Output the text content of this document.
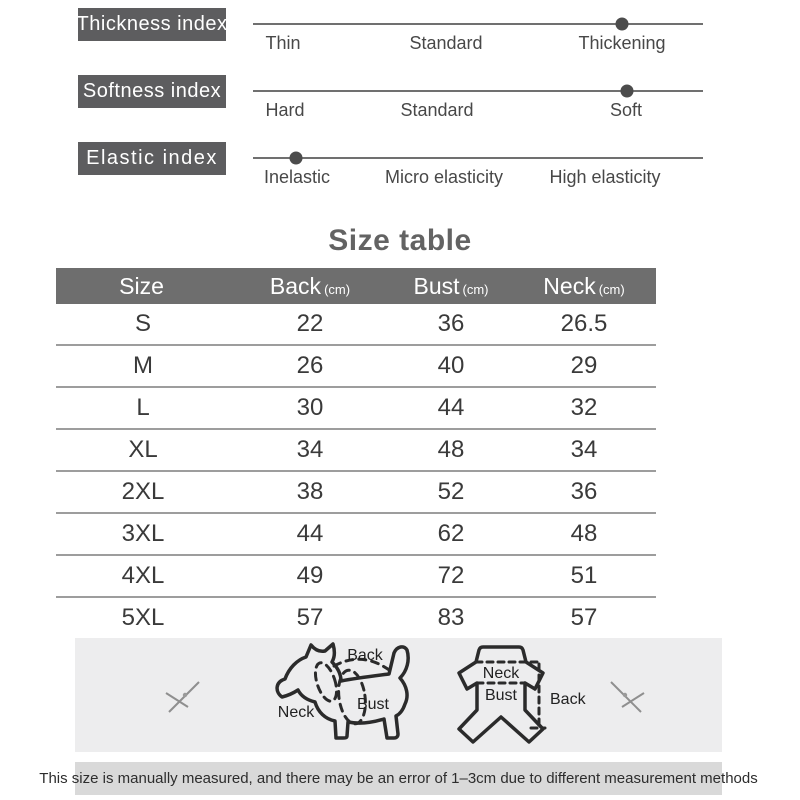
Thickness index
Thin	Standard	Thickening
Softness index
Hard	Standard	Soft
Elastic index
Inelastic	Micro elasticity	High elasticity
Size table
Size	Back (cm)	Bust (cm)	Neck (cm)
S	22	36	26.5
M	26	40	29
L	30	44	32
XL	34	48	34
2XL	38	52	36
3XL	44	62	48
4XL	49	72	51
5XL	57	83	57
Back
Neck	Bust
Neck
Bust Back
This size is manually measured, and there may be an error of 1–3cm due to different measurement methods
